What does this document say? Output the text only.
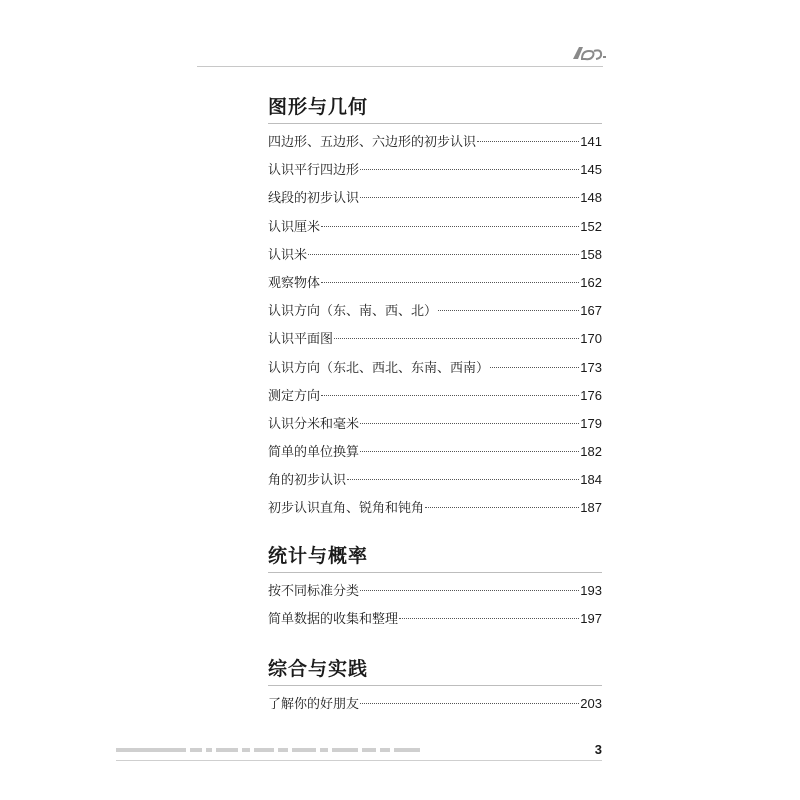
图形与几何
四边形、五边形、六边形的初步认识	141
认识平行四边形	145
线段的初步认识	148
认识厘米	152
认识米	158
观察物体	162
认识方向（东、南、西、北）	167
认识平面图	170
认识方向（东北、西北、东南、西南）	173
测定方向	176
认识分米和毫米	179
简单的单位换算	182
角的初步认识	184
初步认识直角、锐角和钝角	187
统计与概率
按不同标准分类	193
简单数据的收集和整理	197
综合与实践
了解你的好朋友	203
3
